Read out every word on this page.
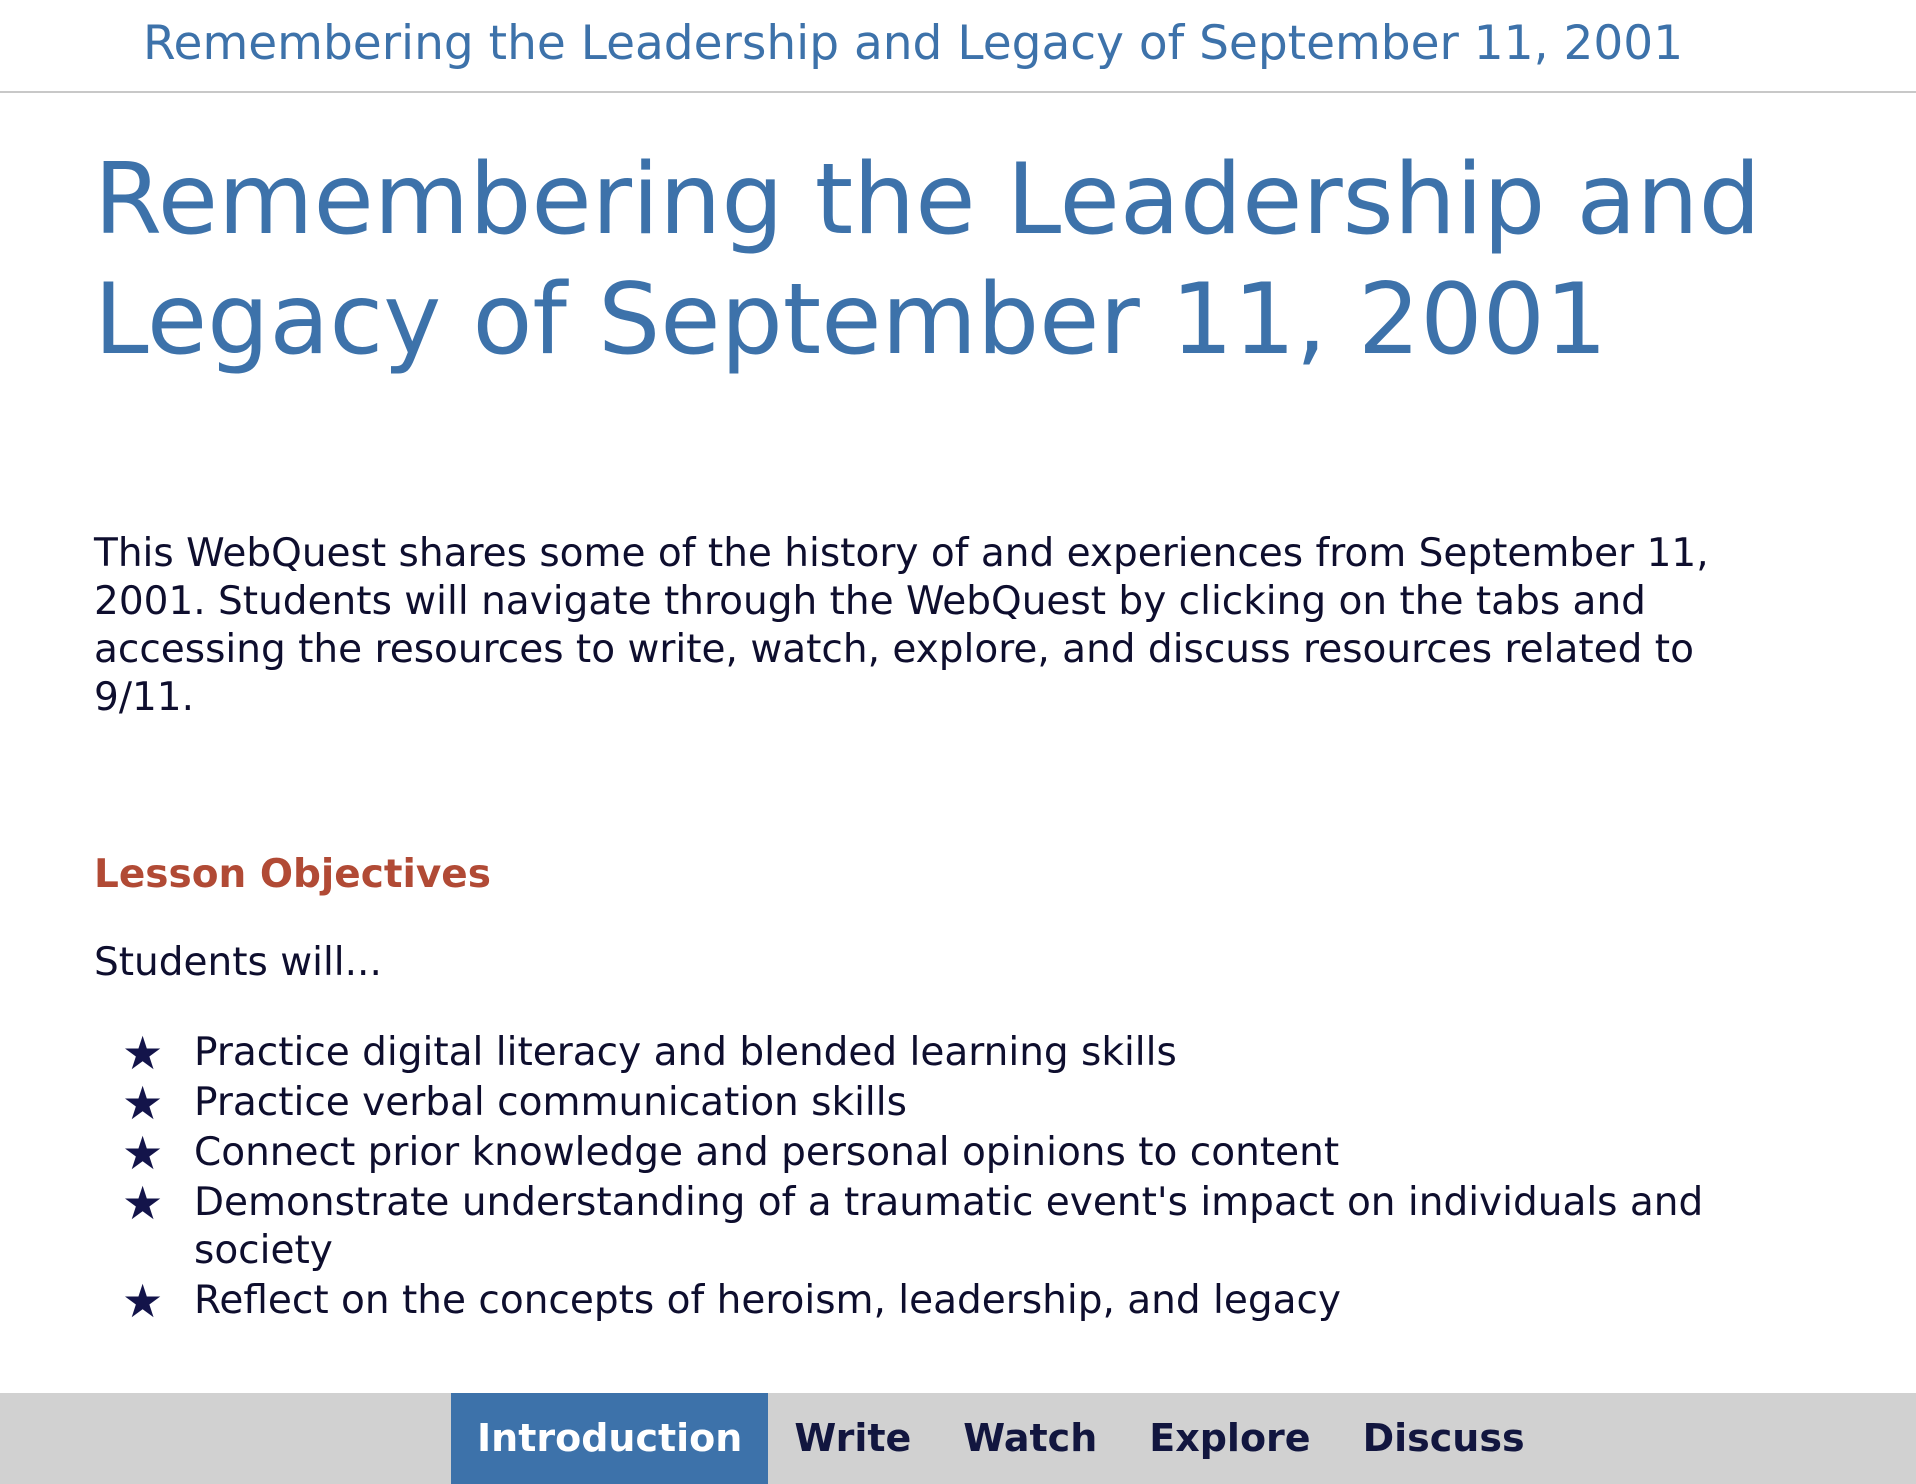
Remembering the Leadership and Legacy of September 11, 2001
Remembering the Leadership and
Legacy of September 11, 2001

This WebQuest shares some of the history of and experiences from September 11, 2001. Students will navigate through the WebQuest by clicking on the tabs and accessing the resources to write, watch, explore, and discuss resources related to 9/11.

Lesson Objectives

Students will...

★ Practice digital literacy and blended learning skills
★ Practice verbal communication skills
★ Connect prior knowledge and personal opinions to content
★ Demonstrate understanding of a traumatic event's impact on individuals and society
★ Reflect on the concepts of heroism, leadership, and legacy
Introduction	Write	Watch	Explore	Discuss
